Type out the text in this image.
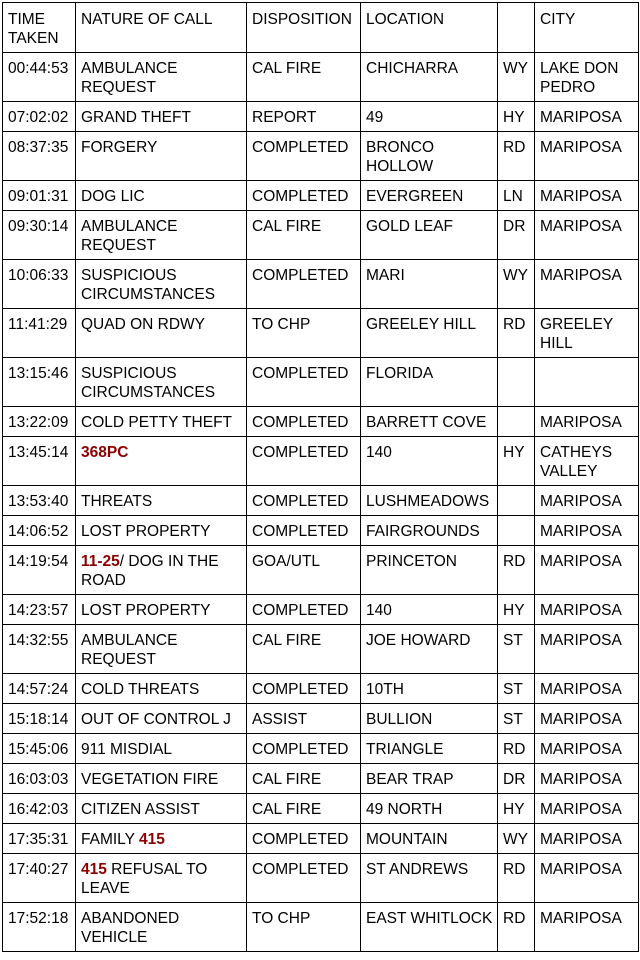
TIME TAKEN	NATURE OF CALL	DISPOSITION	LOCATION		CITY
00:44:53	AMBULANCE REQUEST	CAL FIRE	CHICHARRA	WY	LAKE DON PEDRO
07:02:02	GRAND THEFT	REPORT	49	HY	MARIPOSA
08:37:35	FORGERY	COMPLETED	BRONCO HOLLOW	RD	MARIPOSA
09:01:31	DOG LIC	COMPLETED	EVERGREEN	LN	MARIPOSA
09:30:14	AMBULANCE REQUEST	CAL FIRE	GOLD LEAF	DR	MARIPOSA
10:06:33	SUSPICIOUS CIRCUMSTANCES	COMPLETED	MARI	WY	MARIPOSA
11:41:29	QUAD ON RDWY	TO CHP	GREELEY HILL	RD	GREELEY HILL
13:15:46	SUSPICIOUS CIRCUMSTANCES	COMPLETED	FLORIDA		
13:22:09	COLD PETTY THEFT	COMPLETED	BARRETT COVE		MARIPOSA
13:45:14	368PC	COMPLETED	140	HY	CATHEYS VALLEY
13:53:40	THREATS	COMPLETED	LUSHMEADOWS		MARIPOSA
14:06:52	LOST PROPERTY	COMPLETED	FAIRGROUNDS		MARIPOSA
14:19:54	11-25/ DOG IN THE ROAD	GOA/UTL	PRINCETON	RD	MARIPOSA
14:23:57	LOST PROPERTY	COMPLETED	140	HY	MARIPOSA
14:32:55	AMBULANCE REQUEST	CAL FIRE	JOE HOWARD	ST	MARIPOSA
14:57:24	COLD THREATS	COMPLETED	10TH	ST	MARIPOSA
15:18:14	OUT OF CONTROL J	ASSIST	BULLION	ST	MARIPOSA
15:45:06	911 MISDIAL	COMPLETED	TRIANGLE	RD	MARIPOSA
16:03:03	VEGETATION FIRE	CAL FIRE	BEAR TRAP	DR	MARIPOSA
16:42:03	CITIZEN ASSIST	CAL FIRE	49 NORTH	HY	MARIPOSA
17:35:31	FAMILY 415	COMPLETED	MOUNTAIN	WY	MARIPOSA
17:40:27	415 REFUSAL TO LEAVE	COMPLETED	ST ANDREWS	RD	MARIPOSA
17:52:18	ABANDONED VEHICLE	TO CHP	EAST WHITLOCK	RD	MARIPOSA
